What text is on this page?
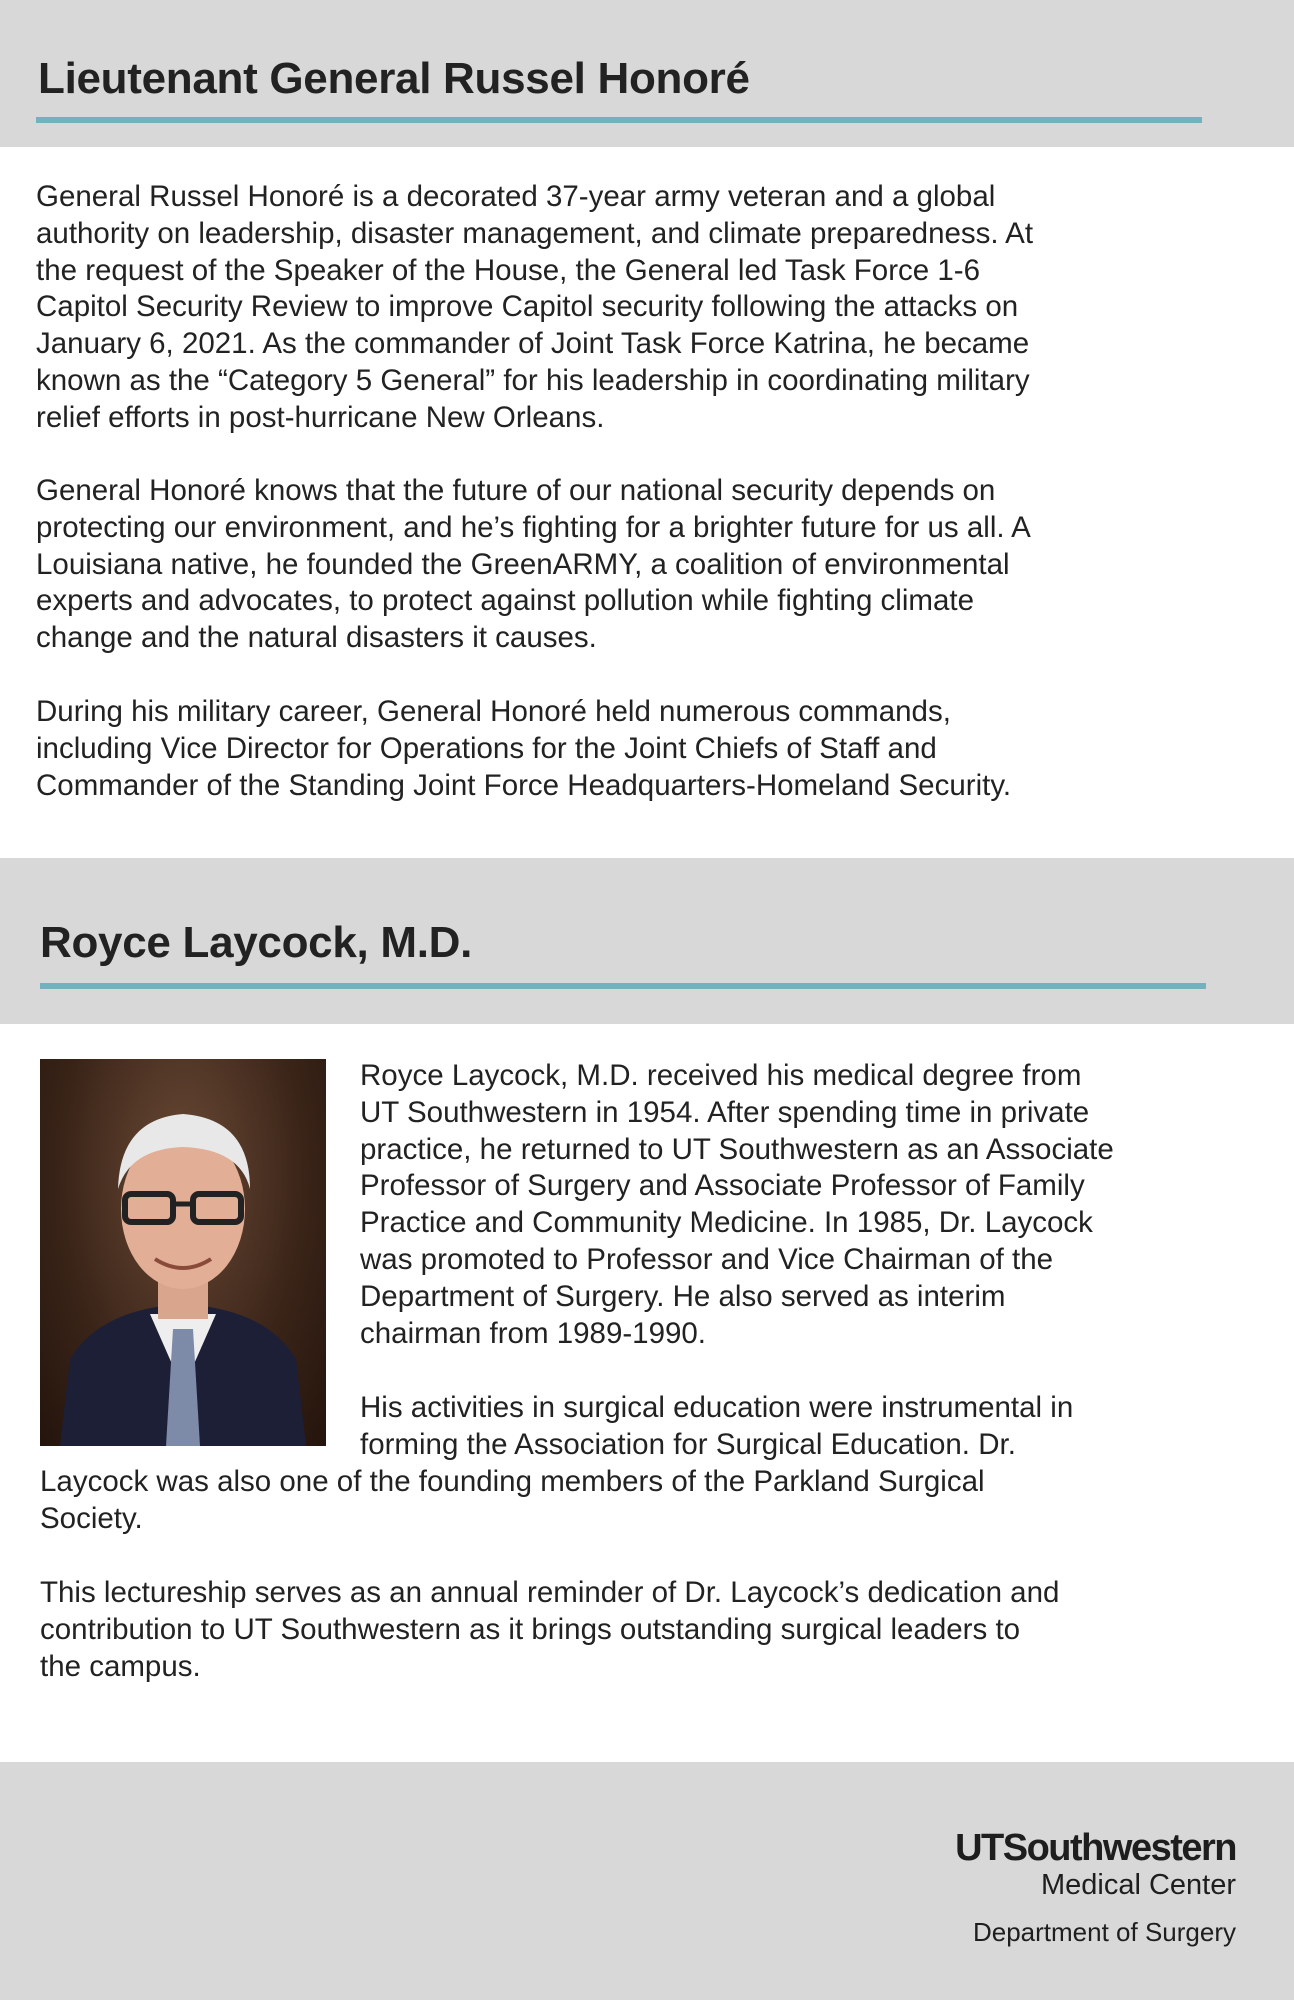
Lieutenant General Russel Honoré
General Russel Honoré is a decorated 37-year army veteran and a global
authority on leadership, disaster management, and climate preparedness. At
the request of the Speaker of the House, the General led Task Force 1-6
Capitol Security Review to improve Capitol security following the attacks on
January 6, 2021. As the commander of Joint Task Force Katrina, he became
known as the “Category 5 General” for his leadership in coordinating military
relief efforts in post-hurricane New Orleans.
General Honoré knows that the future of our national security depends on
protecting our environment, and he’s fighting for a brighter future for us all. A
Louisiana native, he founded the GreenARMY, a coalition of environmental
experts and advocates, to protect against pollution while fighting climate
change and the natural disasters it causes.
During his military career, General Honoré held numerous commands,
including Vice Director for Operations for the Joint Chiefs of Staff and
Commander of the Standing Joint Force Headquarters-Homeland Security.
Royce Laycock, M.D.
Royce Laycock, M.D. received his medical degree from
UT Southwestern in 1954. After spending time in private
practice, he returned to UT Southwestern as an Associate
Professor of Surgery and Associate Professor of Family
Practice and Community Medicine. In 1985, Dr. Laycock
was promoted to Professor and Vice Chairman of the
Department of Surgery. He also served as interim
chairman from 1989-1990.
His activities in surgical education were instrumental in
forming the Association for Surgical Education. Dr.
Laycock was also one of the founding members of the Parkland Surgical
Society.
This lectureship serves as an annual reminder of Dr. Laycock’s dedication and
contribution to UT Southwestern as it brings outstanding surgical leaders to
the campus.
UTSouthwestern
Medical Center
Department of Surgery
